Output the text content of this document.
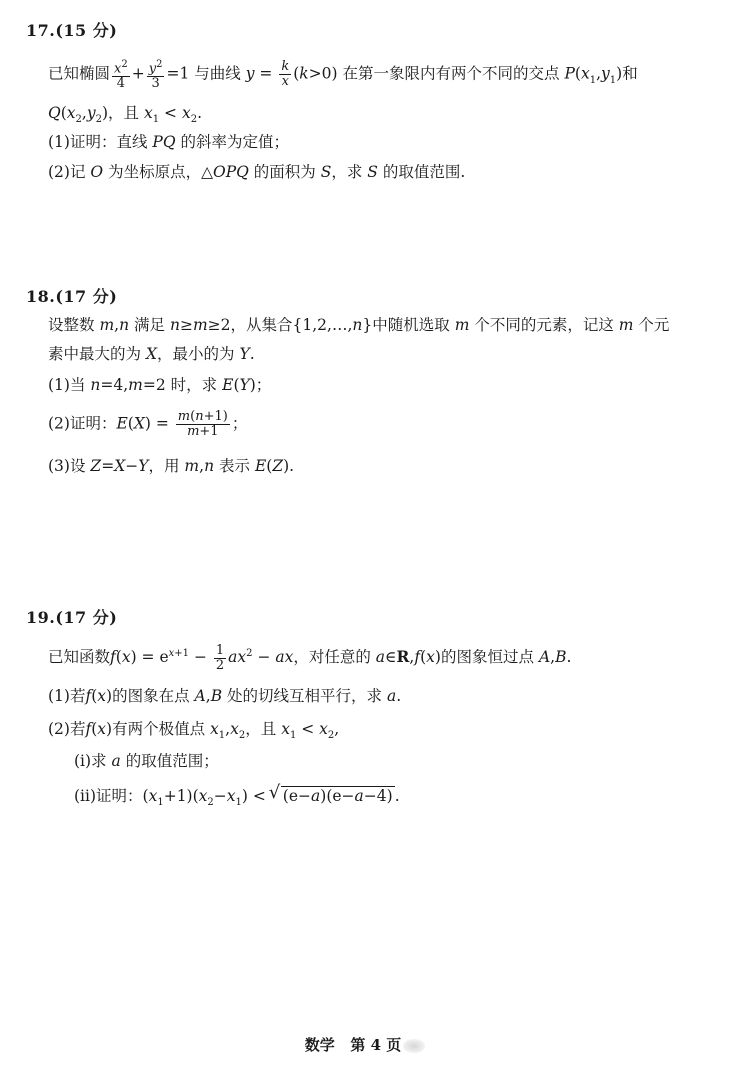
17.(15 分)
已知椭圆 $\frac{x^2}{4} + \frac{y^2}{3} =1$ 与曲线 $y = \frac{k}{x} (k>0)$ 在第一象限内有两个不同的交点 $P(x_1,y_1)$和
$Q(x_2,y_2)$，且 $x_1 < x_2$.
(1)证明：直线 PQ 的斜率为定值；
(2)记 O 为坐标原点，△OPQ 的面积为 S，求 S 的取值范围.
18.(17 分)
设整数 m,n 满足 n≥m≥2，从集合{1,2,…,n}中随机选取 m 个不同的元素，记这 m 个元
素中最大的为 X，最小的为 Y.
(1)当 n=4,m=2 时，求 E(Y)；
(2)证明：$E(X) = \frac{m(n+1)}{m+1}$ ；
(3)设 Z=X−Y，用 m,n 表示 E(Z).
19.(17 分)
已知函数$f(x) = e^{x+1} - \frac{1}{2} ax^2$ − ax，对任意的 a∈R,f(x)的图象恒过点 A,B.
(1)若f(x)的图象在点 A,B 处的切线互相平行，求 a.
(2)若f(x)有两个极值点 $x_1,x_2$，且 $x_1 < x_2$,
(ⅰ)求 a 的取值范围；
(ⅱ)证明：$(x_1+1)(x_2-x_1)$ < √ (e−a)(e−a−4) .
数学 第 4 页
